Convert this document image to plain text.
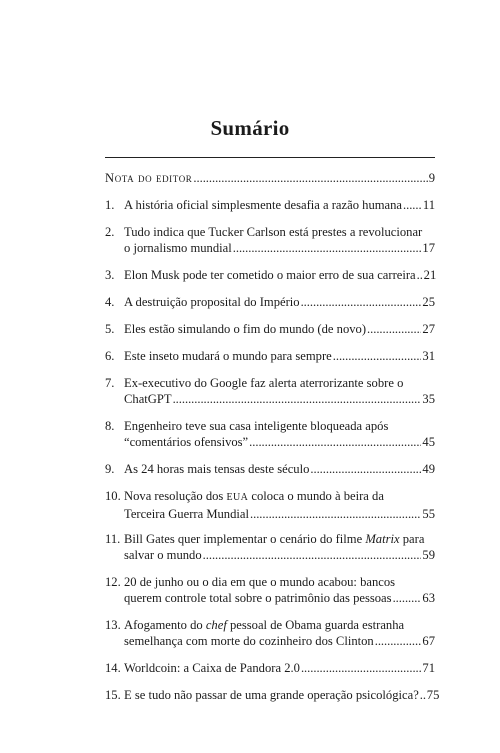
Sumário
Nota do editor . . .	9
1. A história oficial simplesmente desafia a razão humana . . . 11
2. Tudo indica que Tucker Carlson está prestes a revolucionar
o jornalismo mundial . . .	17
3. Elon Musk pode ter cometido o maior erro de sua carreira . . . 21
4. A destruição proposital do Império . . .	25
5. Eles estão simulando o fim do mundo (de novo) . . .	27
6. Este inseto mudará o mundo para sempre . . .	31
7. Ex-executivo do Google faz alerta aterrorizante sobre o
ChatGPT . . .	35
8. Engenheiro teve sua casa inteligente bloqueada após
“comentários ofensivos” . . .	45
9. As 24 horas mais tensas deste século . . .	49
10. Nova resolução dos EUA coloca o mundo à beira da
Terceira Guerra Mundial . . .	55
11. Bill Gates quer implementar o cenário do filme Matrix para
salvar o mundo . . .	59
12. 20 de junho ou o dia em que o mundo acabou: bancos
querem controle total sobre o patrimônio das pessoas . . . 63
13. Afogamento do chef pessoal de Obama guarda estranha
semelhança com morte do cozinheiro dos Clinton . . .	67
14. Worldcoin: a Caixa de Pandora 2.0 . . .	71
15. E se tudo não passar de uma grande operação psicológica? . . . 75
